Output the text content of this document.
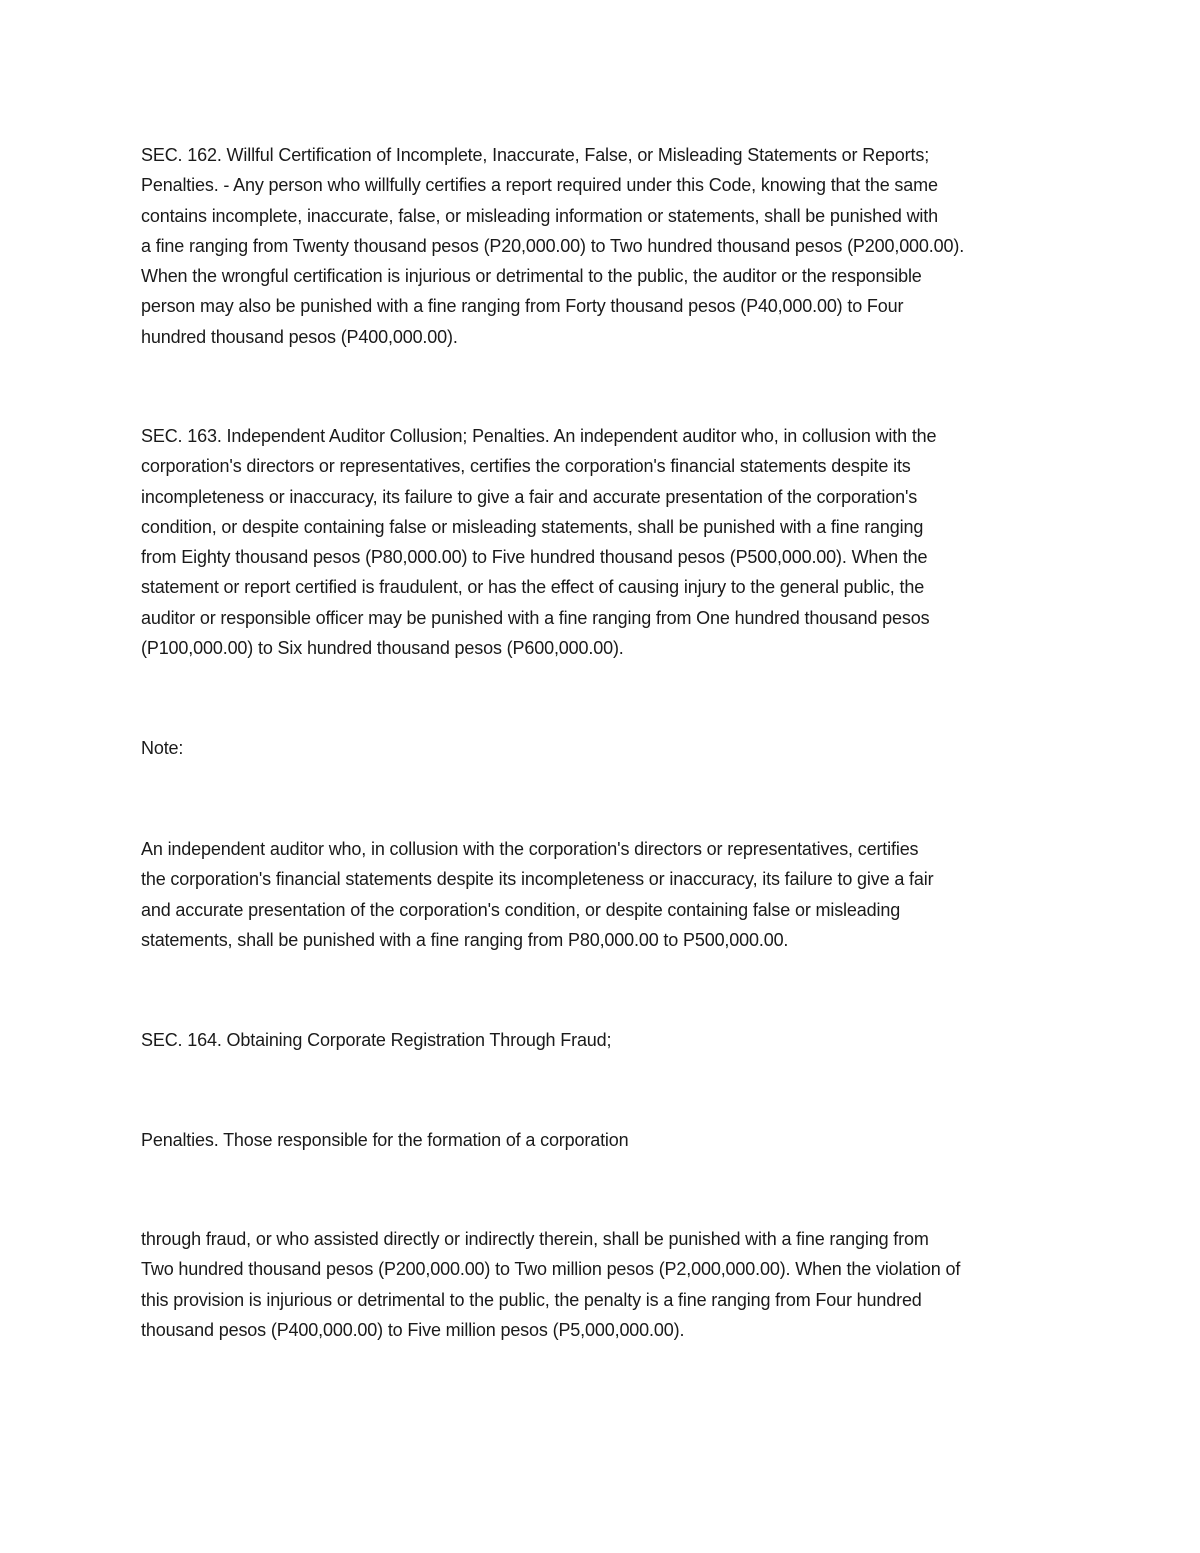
SEC. 162. Willful Certification of Incomplete, Inaccurate, False, or Misleading Statements or Reports;
Penalties. - Any person who willfully certifies a report required under this Code, knowing that the same
contains incomplete, inaccurate, false, or misleading information or statements, shall be punished with
a fine ranging from Twenty thousand pesos (P20,000.00) to Two hundred thousand pesos (P200,000.00).
When the wrongful certification is injurious or detrimental to the public, the auditor or the responsible
person may also be punished with a fine ranging from Forty thousand pesos (P40,000.00) to Four
hundred thousand pesos (P400,000.00).
SEC. 163. Independent Auditor Collusion; Penalties. An independent auditor who, in collusion with the
corporation's directors or representatives, certifies the corporation's financial statements despite its
incompleteness or inaccuracy, its failure to give a fair and accurate presentation of the corporation's
condition, or despite containing false or misleading statements, shall be punished with a fine ranging
from Eighty thousand pesos (P80,000.00) to Five hundred thousand pesos (P500,000.00). When the
statement or report certified is fraudulent, or has the effect of causing injury to the general public, the
auditor or responsible officer may be punished with a fine ranging from One hundred thousand pesos
(P100,000.00) to Six hundred thousand pesos (P600,000.00).
Note:
An independent auditor who, in collusion with the corporation's directors or representatives, certifies
the corporation's financial statements despite its incompleteness or inaccuracy, its failure to give a fair
and accurate presentation of the corporation's condition, or despite containing false or misleading
statements, shall be punished with a fine ranging from P80,000.00 to P500,000.00.
SEC. 164. Obtaining Corporate Registration Through Fraud;
Penalties. Those responsible for the formation of a corporation
through fraud, or who assisted directly or indirectly therein, shall be punished with a fine ranging from
Two hundred thousand pesos (P200,000.00) to Two million pesos (P2,000,000.00). When the violation of
this provision is injurious or detrimental to the public, the penalty is a fine ranging from Four hundred
thousand pesos (P400,000.00) to Five million pesos (P5,000,000.00).
